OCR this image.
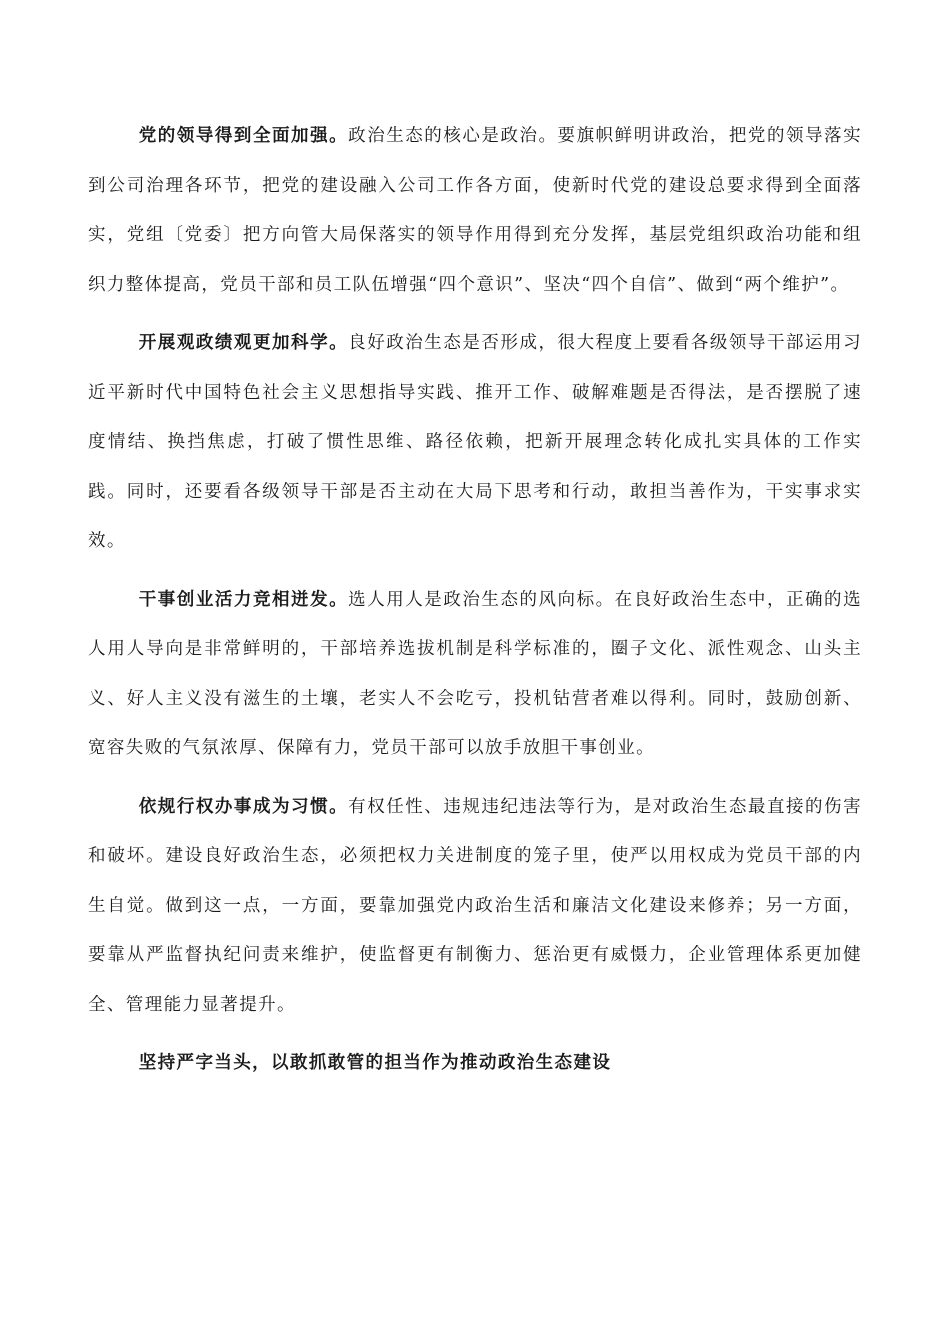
党的领导得到全面加强。政治生态的核心是政治。要旗帜鲜明讲政治，把党的领导落实到公司治理各环节，把党的建设融入公司工作各方面，使新时代党的建设总要求得到全面落实，党组〔党委〕把方向管大局保落实的领导作用得到充分发挥，基层党组织政治功能和组织力整体提高，党员干部和员工队伍增强“四个意识”、坚决“四个自信”、做到“两个维护”。

开展观政绩观更加科学。良好政治生态是否形成，很大程度上要看各级领导干部运用习近平新时代中国特色社会主义思想指导实践、推开工作、破解难题是否得法，是否摆脱了速度情结、换挡焦虑，打破了惯性思维、路径依赖，把新开展理念转化成扎实具体的工作实践。同时，还要看各级领导干部是否主动在大局下思考和行动，敢担当善作为，干实事求实效。

干事创业活力竞相迸发。选人用人是政治生态的风向标。在良好政治生态中，正确的选人用人导向是非常鲜明的，干部培养选拔机制是科学标准的，圈子文化、派性观念、山头主义、好人主义没有滋生的土壤，老实人不会吃亏，投机钻营者难以得利。同时，鼓励创新、宽容失败的气氛浓厚、保障有力，党员干部可以放手放胆干事创业。

依规行权办事成为习惯。有权任性、违规违纪违法等行为，是对政治生态最直接的伤害和破坏。建设良好政治生态，必须把权力关进制度的笼子里，使严以用权成为党员干部的内生自觉。做到这一点，一方面，要靠加强党内政治生活和廉洁文化建设来修养；另一方面，要靠从严监督执纪问责来维护，使监督更有制衡力、惩治更有威慑力，企业管理体系更加健全、管理能力显著提升。

坚持严字当头，以敢抓敢管的担当作为推动政治生态建设
